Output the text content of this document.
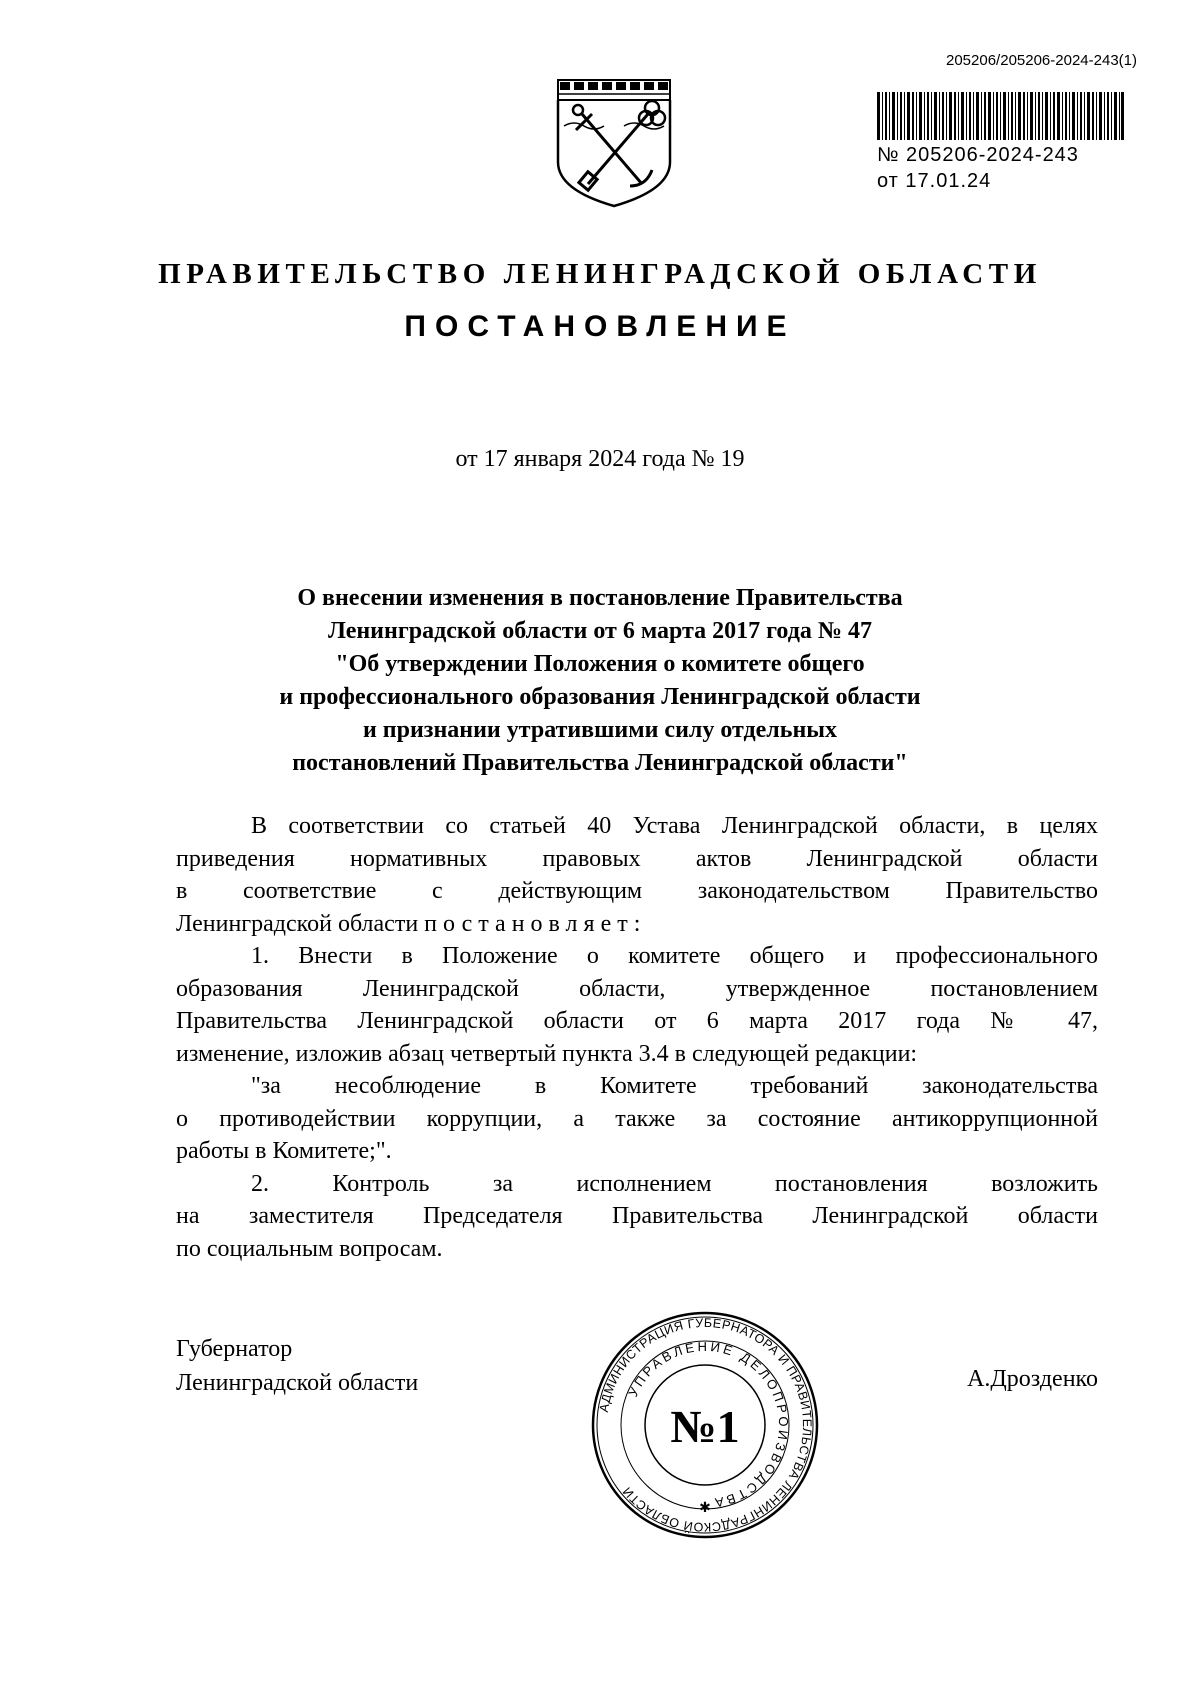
205206/205206-2024-243(1)
№ 205206-2024-243
от 17.01.24
ПРАВИТЕЛЬСТВО ЛЕНИНГРАДСКОЙ ОБЛАСТИ
ПОСТАНОВЛЕНИЕ
от 17 января 2024 года № 19
О внесении изменения в постановление Правительства
Ленинградской области от 6 марта 2017 года № 47
"Об утверждении Положения о комитете общего
и профессионального образования Ленинградской области
и признании утратившими силу отдельных
постановлений Правительства Ленинградской области"
В соответствии со статьей 40 Устава Ленинградской области, в целях
приведения нормативных правовых актов Ленинградской области
в соответствие с действующим законодательством Правительство
Ленинградской области постановляет:
1. Внести в Положение о комитете общего и профессионального
образования Ленинградской области, утвержденное постановлением
Правительства Ленинградской области от 6 марта 2017 года № 47,
изменение, изложив абзац четвертый пункта 3.4 в следующей редакции:
"за несоблюдение в Комитете требований законодательства
о противодействии коррупции, а также за состояние антикоррупционной
работы в Комитете;".
2. Контроль за исполнением постановления возложить
на заместителя Председателя Правительства Ленинградской области
по социальным вопросам.
Губернатор
Ленинградской области	А.Дрозденко
АДМИНИСТРАЦИЯ ГУБЕРНАТОРА И ПРАВИТЕЛЬСТВА ЛЕНИНГРАДСКОЙ ОБЛАСТИ
УПРАВЛЕНИЕ ДЕЛОПРОИЗВОДСТВА
№1
✱
